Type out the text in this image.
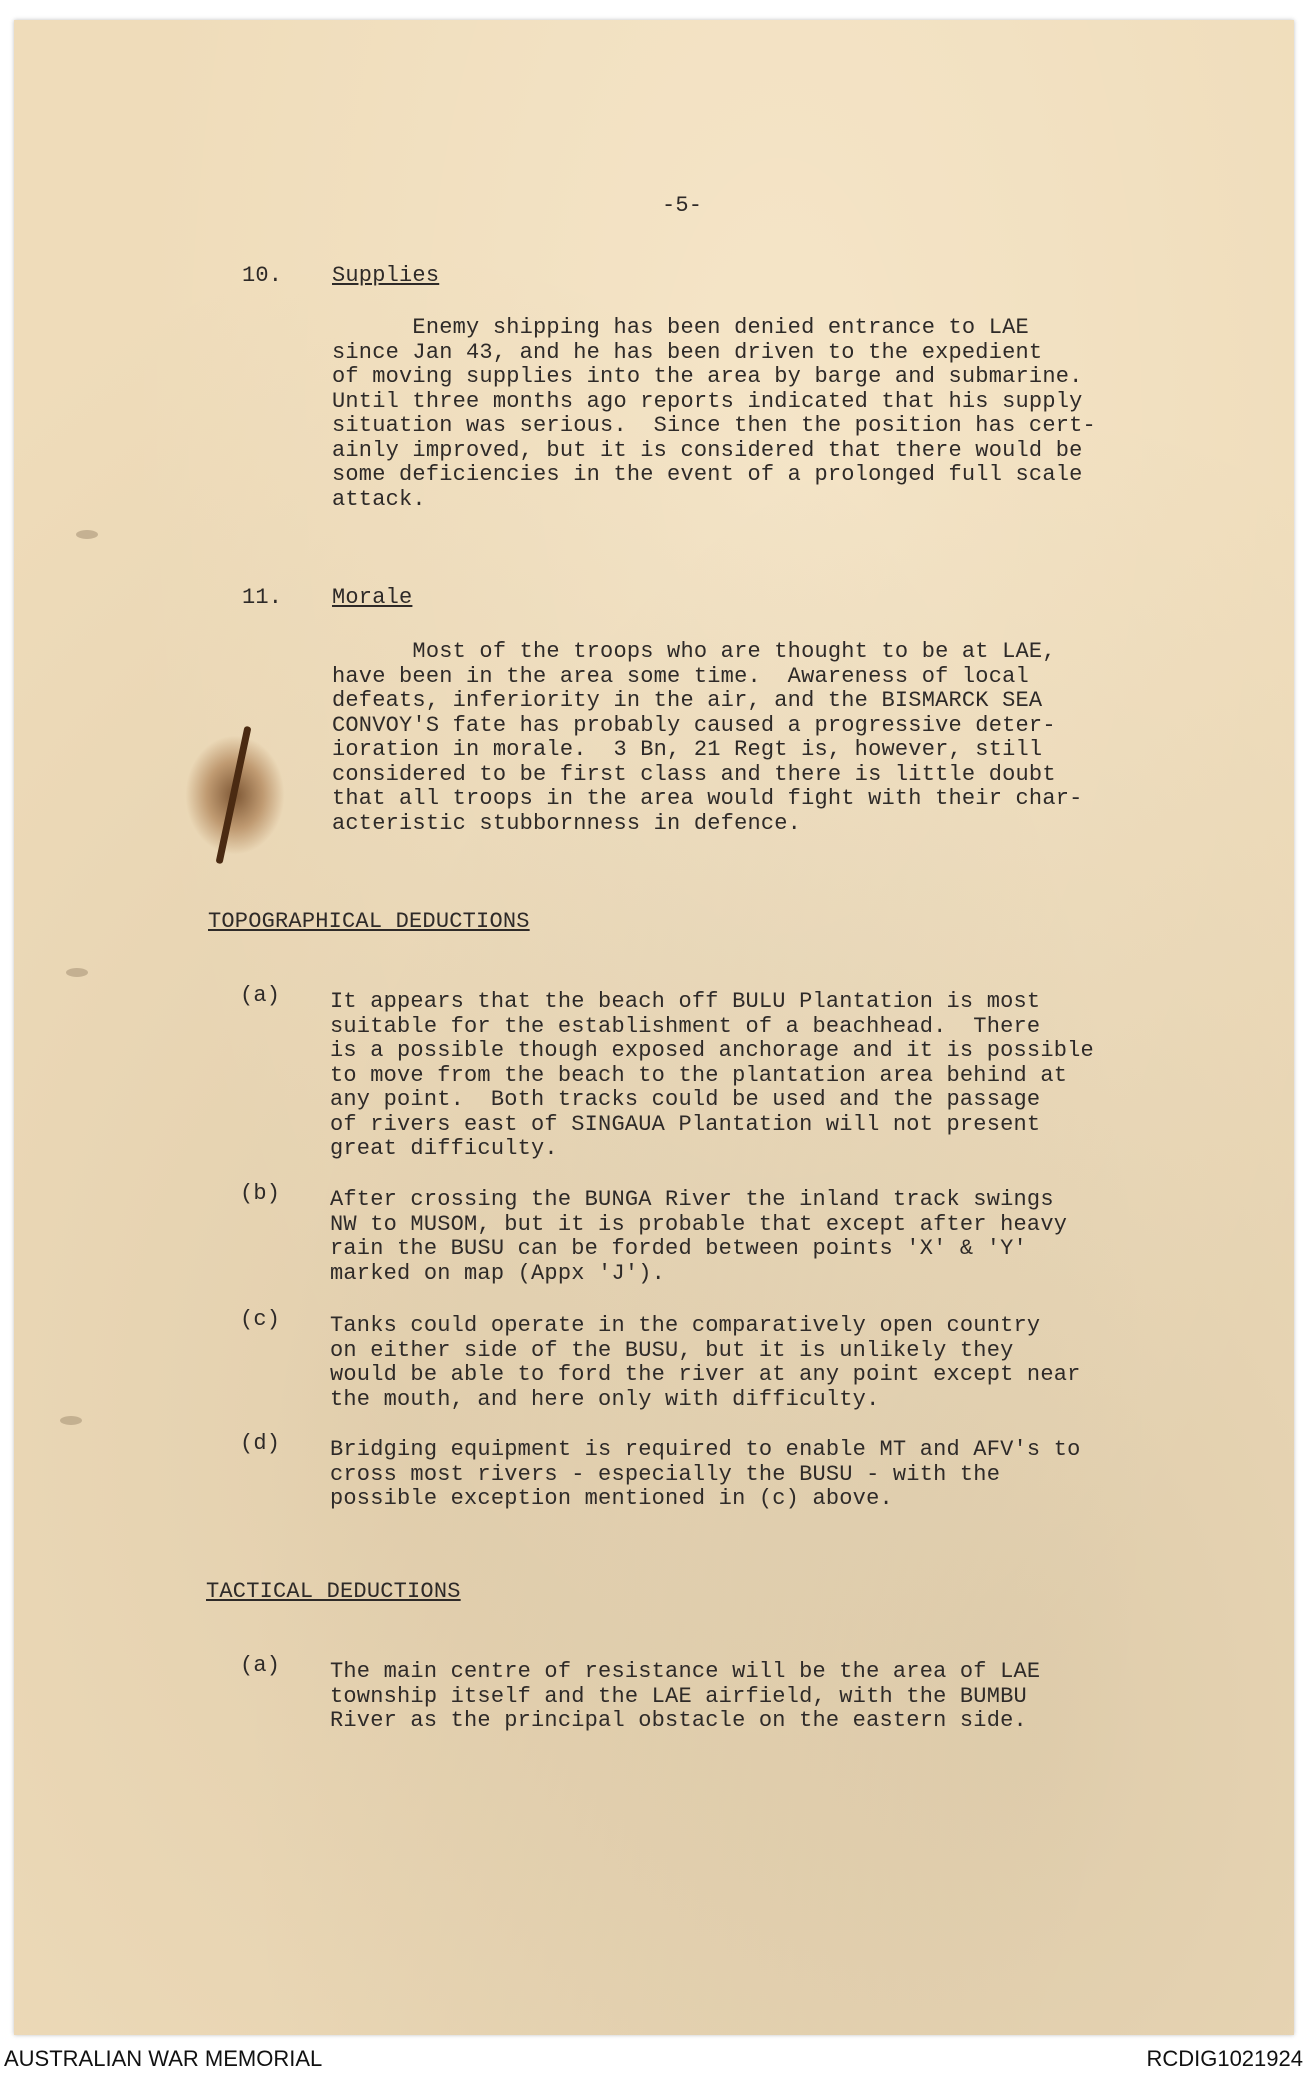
-5-
10. Supplies
Enemy shipping has been denied entrance to LAE
since Jan 43, and he has been driven to the expedient
of moving supplies into the area by barge and submarine.
Until three months ago reports indicated that his supply
situation was serious.  Since then the position has cert-
ainly improved, but it is considered that there would be
some deficiencies in the event of a prolonged full scale
attack.
11. Morale
Most of the troops who are thought to be at LAE,
have been in the area some time.  Awareness of local
defeats, inferiority in the air, and the BISMARCK SEA
CONVOY'S fate has probably caused a progressive deter-
ioration in morale.  3 Bn, 21 Regt is, however, still
considered to be first class and there is little doubt
that all troops in the area would fight with their char-
acteristic stubbornness in defence.
TOPOGRAPHICAL DEDUCTIONS
(a) It appears that the beach off BULU Plantation is most
suitable for the establishment of a beachhead.  There
is a possible though exposed anchorage and it is possible
to move from the beach to the plantation area behind at
any point.  Both tracks could be used and the passage
of rivers east of SINGAUA Plantation will not present
great difficulty.
(b) After crossing the BUNGA River the inland track swings
NW to MUSOM, but it is probable that except after heavy
rain the BUSU can be forded between points 'X' & 'Y'
marked on map (Appx 'J').
(c) Tanks could operate in the comparatively open country
on either side of the BUSU, but it is unlikely they
would be able to ford the river at any point except near
the mouth, and here only with difficulty.
(d) Bridging equipment is required to enable MT and AFV's to
cross most rivers - especially the BUSU - with the
possible exception mentioned in (c) above.
TACTICAL DEDUCTIONS
(a) The main centre of resistance will be the area of LAE
township itself and the LAE airfield, with the BUMBU
River as the principal obstacle on the eastern side.
AUSTRALIAN WAR MEMORIAL	RCDIG1021924
